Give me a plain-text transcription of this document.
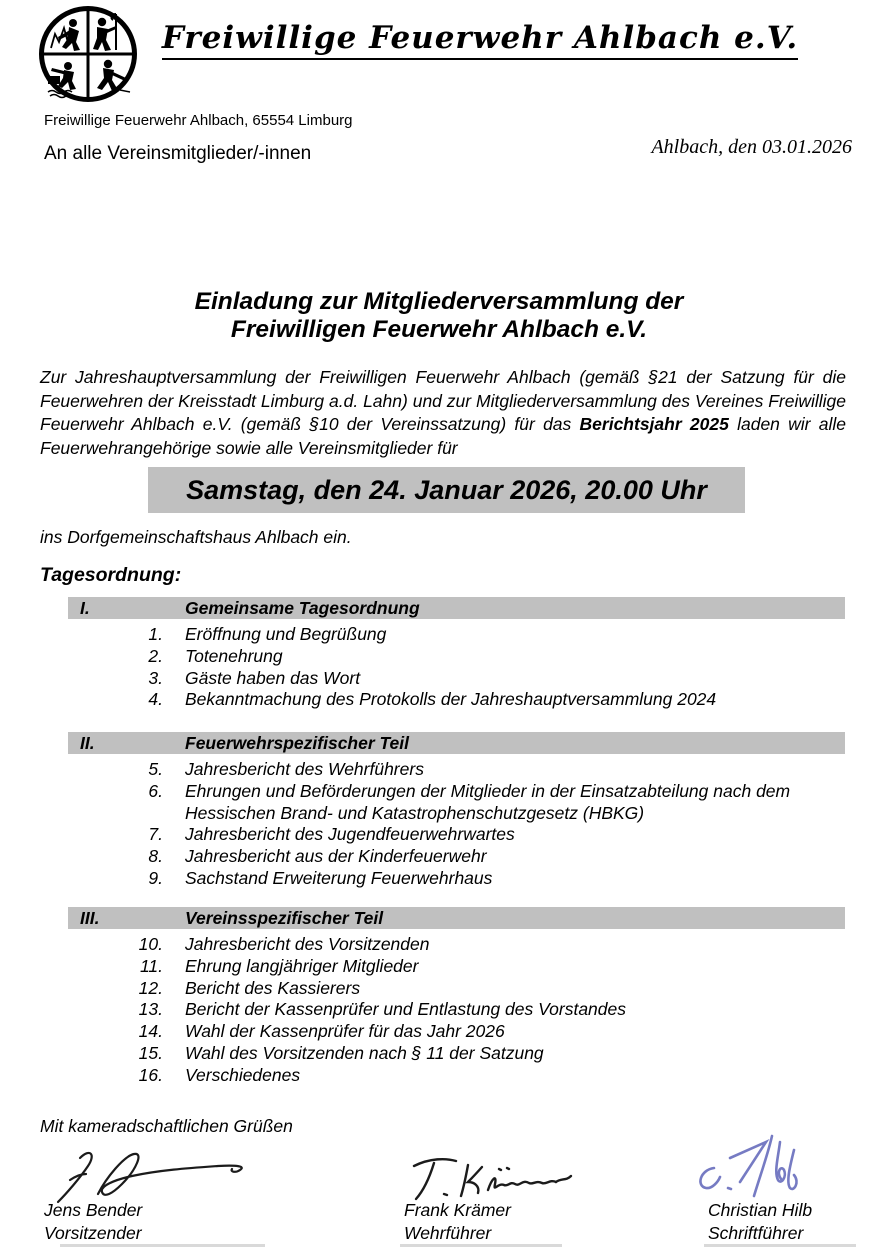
Freiwillige Feuerwehr Ahlbach e.V.
Freiwillige Feuerwehr Ahlbach, 65554 Limburg
An alle Vereinsmitglieder/-innen	Ahlbach, den 03.01.2026
Einladung zur Mitgliederversammlung der
Freiwilligen Feuerwehr Ahlbach e.V.

Zur Jahreshauptversammlung der Freiwilligen Feuerwehr Ahlbach (gemäß §21 der Satzung für die Feuerwehren der Kreisstadt Limburg a.d. Lahn) und zur Mitgliederversammlung des Vereines Freiwillige Feuerwehr Ahlbach e.V. (gemäß §10 der Vereinssatzung) für das Berichtsjahr 2025 laden wir alle Feuerwehrangehörige sowie alle Vereinsmitglieder für

Samstag, den 24. Januar 2026, 20.00 Uhr
ins Dorfgemeinschaftshaus Ahlbach ein.
Tagesordnung:
I.	Gemeinsame Tagesordnung
1. Eröffnung und Begrüßung
2. Totenehrung
3. Gäste haben das Wort
4. Bekanntmachung des Protokolls der Jahreshauptversammlung 2024
II.	Feuerwehrspezifischer Teil
5. Jahresbericht des Wehrführers
6. Ehrungen und Beförderungen der Mitglieder in der Einsatzabteilung nach dem Hessischen Brand- und Katastrophenschutzgesetz (HBKG)
7. Jahresbericht des Jugendfeuerwehrwartes
8. Jahresbericht aus der Kinderfeuerwehr
9. Sachstand Erweiterung Feuerwehrhaus
III.	Vereinsspezifischer Teil
10. Jahresbericht des Vorsitzenden
11. Ehrung langjähriger Mitglieder
12. Bericht des Kassierers
13. Bericht der Kassenprüfer und Entlastung des Vorstandes
14. Wahl der Kassenprüfer für das Jahr 2026
15. Wahl des Vorsitzenden nach § 11 der Satzung
16. Verschiedenes
Mit kameradschaftlichen Grüßen
Jens Bender
Vorsitzender
Frank Krämer
Wehrführer
Christian Hilb
Schriftführer
